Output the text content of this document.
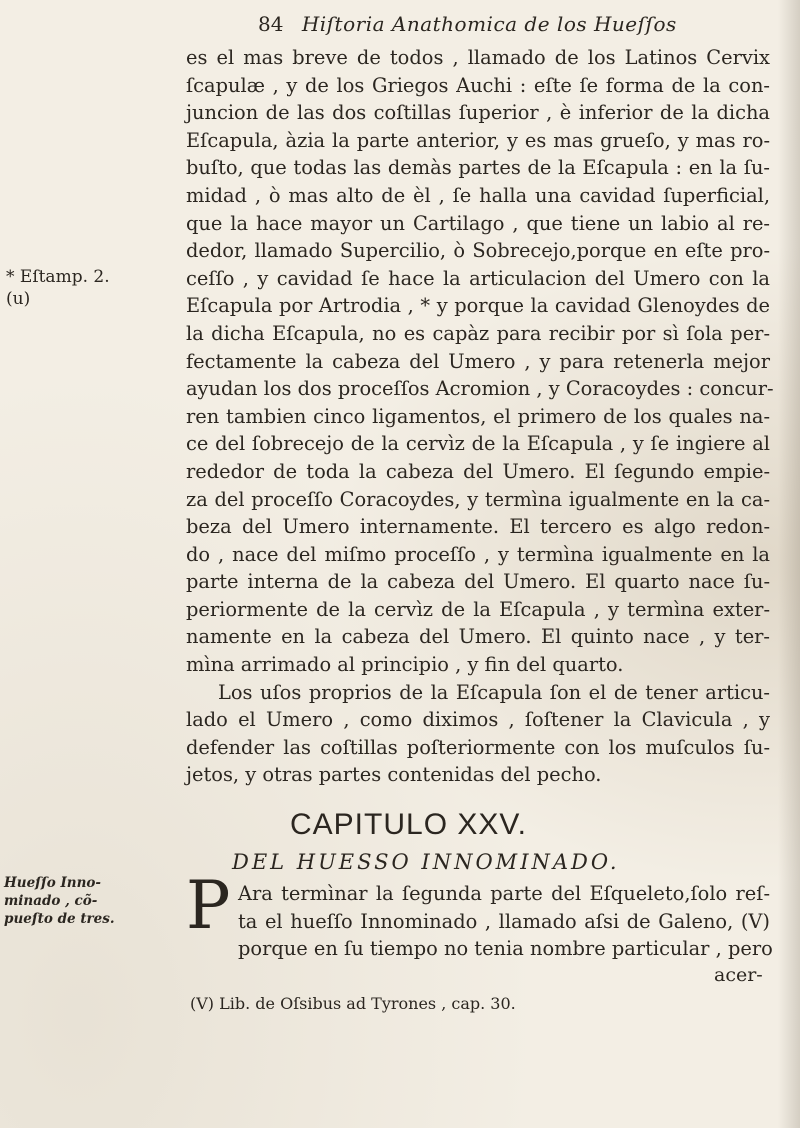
84 Hiſtoria Anathomica de los Hueſſos
* Eſtamp. 2.
(u)
Hueſſo Inno-
minado , cõ-
pueſto de tres.
es el mas breve de todos , llamado de los Latinos Cervix
ſcapulæ , y de los Griegos Auchi : eſte ſe forma de la con-
juncion de las dos coſtillas ſuperior , è inferior de la dicha
Eſcapula, àzia la parte anterior, y es mas grueſo, y mas ro-
buſto, que todas las demàs partes de la Eſcapula : en la ſu-
midad , ò mas alto de èl , ſe halla una cavidad ſuperficial,
que la hace mayor un Cartilago , que tiene un labio al re-
dedor, llamado Supercilio, ò Sobrecejo,porque en eſte pro-
ceſſo , y cavidad ſe hace la articulacion del Umero con la
Eſcapula por Artrodia , * y porque la cavidad Glenoydes de
la dicha Eſcapula, no es capàz para recibir por sì ſola per-
fectamente la cabeza del Umero , y para retenerla mejor
ayudan los dos proceſſos Acromion , y Coracoydes : concur-
ren tambien cinco ligamentos, el primero de los quales na-
ce del ſobrecejo de la cervìz de la Eſcapula , y ſe ingiere al
rededor de toda la cabeza del Umero. El ſegundo empie-
za del proceſſo Coracoydes, y termìna igualmente en la ca-
beza del Umero internamente. El tercero es algo redon-
do , nace del miſmo proceſſo , y termìna igualmente en la
parte interna de la cabeza del Umero. El quarto nace ſu-
periormente de la cervìz de la Eſcapula , y termìna exter-
namente en la cabeza del Umero. El quinto nace , y ter-
mìna arrimado al principio , y fin del quarto.
Los uſos proprios de la Eſcapula ſon el de tener articu-
lado el Umero , como diximos , ſoſtener la Clavicula , y
defender las coſtillas poſteriormente con los muſculos ſu-
jetos, y otras partes contenidas del pecho.
CAPITULO XXV.
DEL HUESSO INNOMINADO.
P Ara termìnar la ſegunda parte del Eſqueleto,ſolo reſ-
ta el hueſſo Innominado , llamado aſsi de Galeno, (V)
porque en ſu tiempo no tenia nombre particular , pero
acer-
(V) Lib. de Oſsibus ad Tyrones , cap. 30.
